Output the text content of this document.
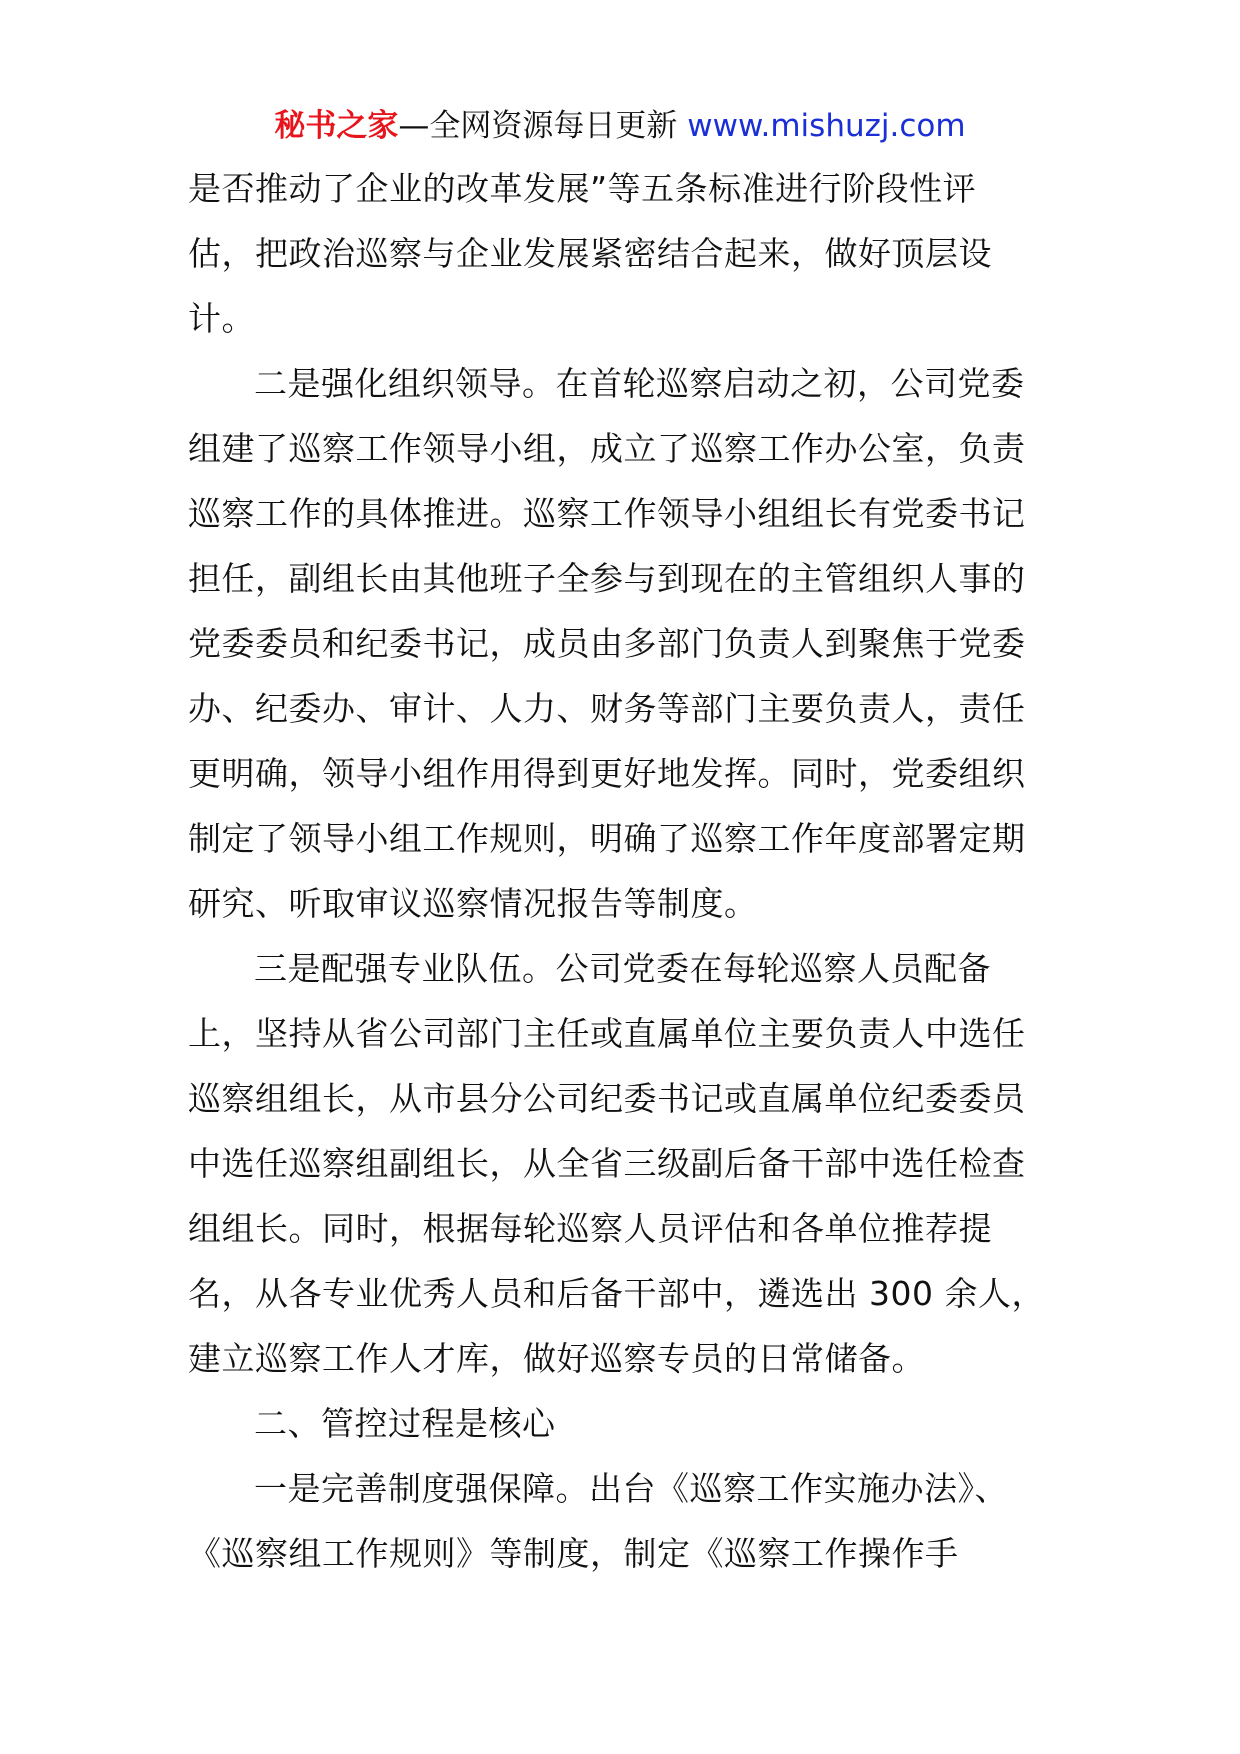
秘书之家—全网资源每日更新 www.mishuzj.com
是否推动了企业的改革发展”等五条标准进行阶段性评
估，把政治巡察与企业发展紧密结合起来，做好顶层设
计。
二是强化组织领导。在首轮巡察启动之初，公司党委
组建了巡察工作领导小组，成立了巡察工作办公室，负责
巡察工作的具体推进。巡察工作领导小组组长有党委书记
担任，副组长由其他班子全参与到现在的主管组织人事的
党委委员和纪委书记，成员由多部门负责人到聚焦于党委
办、纪委办、审计、人力、财务等部门主要负责人，责任
更明确，领导小组作用得到更好地发挥。同时，党委组织
制定了领导小组工作规则，明确了巡察工作年度部署定期
研究、听取审议巡察情况报告等制度。
三是配强专业队伍。公司党委在每轮巡察人员配备
上，坚持从省公司部门主任或直属单位主要负责人中选任
巡察组组长，从市县分公司纪委书记或直属单位纪委委员
中选任巡察组副组长，从全省三级副后备干部中选任检查
组组长。同时，根据每轮巡察人员评估和各单位推荐提
名，从各专业优秀人员和后备干部中，遴选出 300 余人，
建立巡察工作人才库，做好巡察专员的日常储备。
二、管控过程是核心
一是完善制度强保障。出台《巡察工作实施办法》、
《巡察组工作规则》等制度，制定《巡察工作操作手
